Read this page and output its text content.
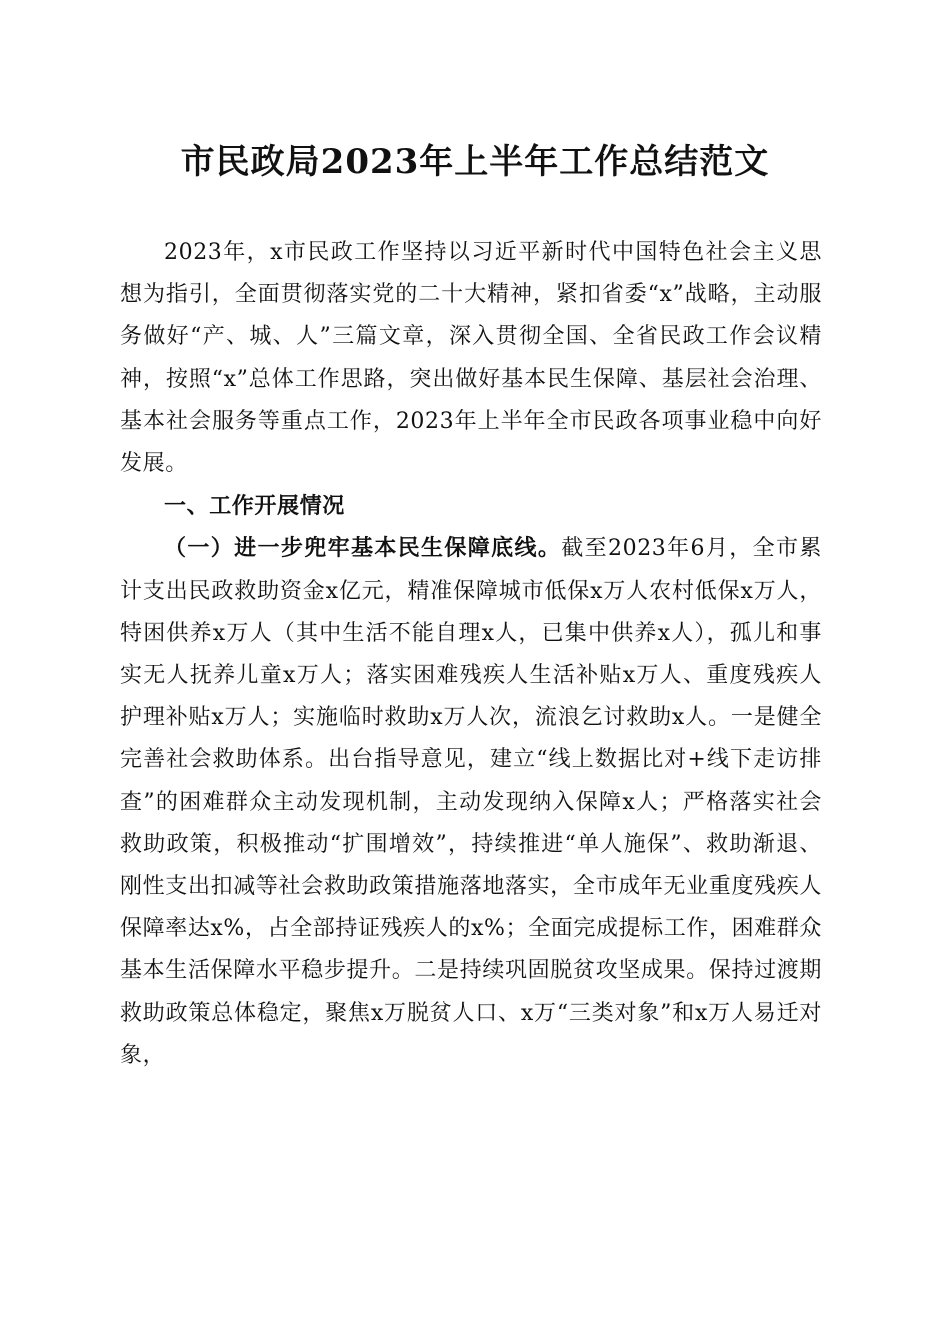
市民政局2023年上半年工作总结范文

2023年，x市民政工作坚持以习近平新时代中国特色社会主义思想为指引，全面贯彻落实党的二十大精神，紧扣省委“x”战略，主动服务做好“产、城、人”三篇文章，深入贯彻全国、全省民政工作会议精神，按照“x”总体工作思路，突出做好基本民生保障、基层社会治理、基本社会服务等重点工作，2023年上半年全市民政各项事业稳中向好发展。

一、工作开展情况

（一）进一步兜牢基本民生保障底线。截至2023年6月，全市累计支出民政救助资金x亿元，精准保障城市低保x万人农村低保x万人，特困供养x万人（其中生活不能自理x人，已集中供养x人），孤儿和事实无人抚养儿童x万人；落实困难残疾人生活补贴x万人、重度残疾人护理补贴x万人；实施临时救助x万人次，流浪乞讨救助x人。一是健全完善社会救助体系。出台指导意见，建立“线上数据比对+线下走访排查”的困难群众主动发现机制，主动发现纳入保障x人；严格落实社会救助政策，积极推动“扩围增效”，持续推进“单人施保”、救助渐退、刚性支出扣减等社会救助政策措施落地落实，全市成年无业重度残疾人保障率达x%，占全部持证残疾人的x%；全面完成提标工作，困难群众基本生活保障水平稳步提升。二是持续巩固脱贫攻坚成果。保持过渡期救助政策总体稳定，聚焦x万脱贫人口、x万“三类对象”和x万人易迁对象，
